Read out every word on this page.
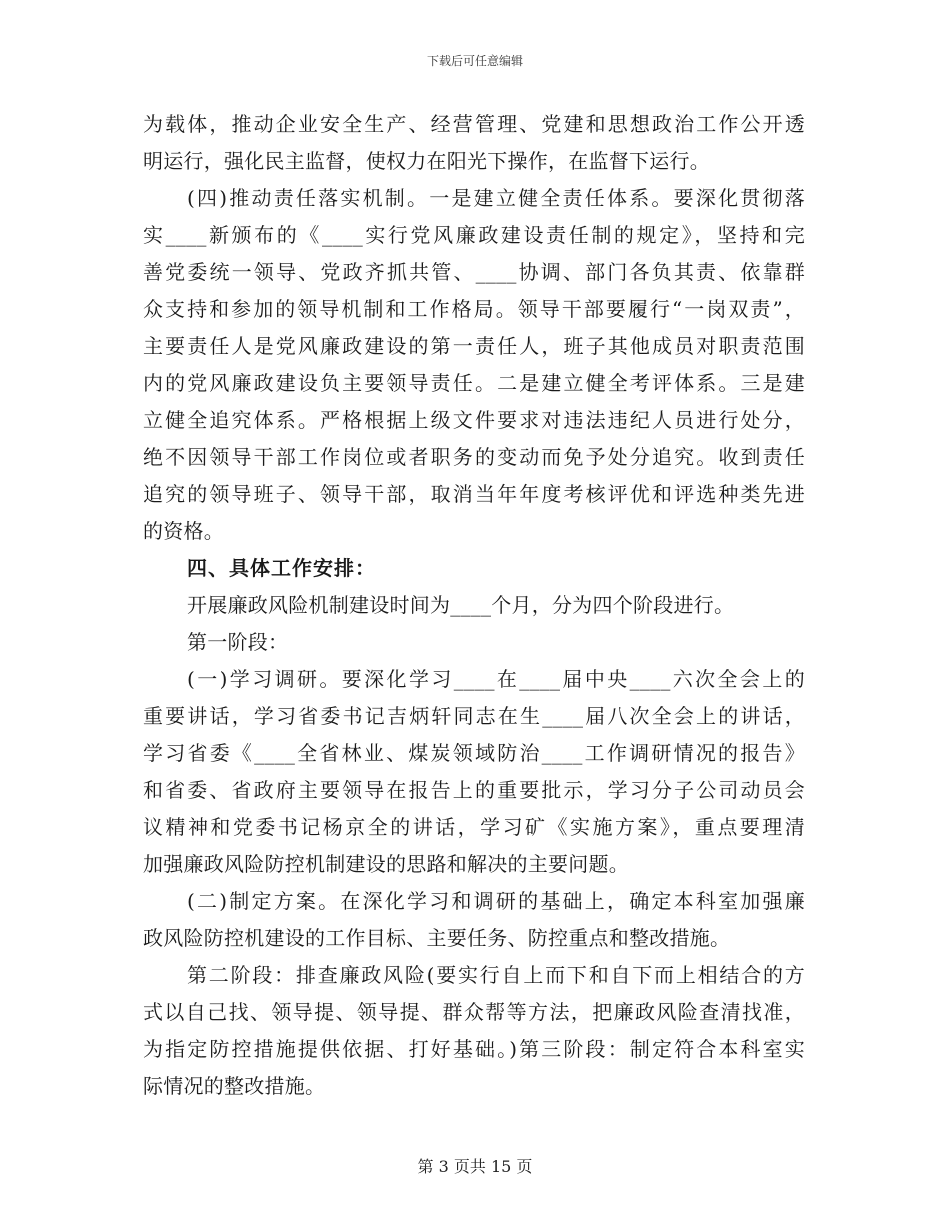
下载后可任意编辑
为载体，推动企业安全生产、经营管理、党建和思想政治工作公开透
明运行，强化民主监督，使权力在阳光下操作，在监督下运行。
(四)推动责任落实机制。一是建立健全责任体系。要深化贯彻落
实____新颁布的《____实行党风廉政建设责任制的规定》，坚持和完
善党委统一领导、党政齐抓共管、____协调、部门各负其责、依靠群
众支持和参加的领导机制和工作格局。领导干部要履行“一岗双责”，
主要责任人是党风廉政建设的第一责任人，班子其他成员对职责范围
内的党风廉政建设负主要领导责任。二是建立健全考评体系。三是建
立健全追究体系。严格根据上级文件要求对违法违纪人员进行处分，
绝不因领导干部工作岗位或者职务的变动而免予处分追究。收到责任
追究的领导班子、领导干部，取消当年年度考核评优和评选种类先进
的资格。
四、具体工作安排：
开展廉政风险机制建设时间为____个月，分为四个阶段进行。
第一阶段：
(一)学习调研。要深化学习____在____届中央____六次全会上的
重要讲话，学习省委书记吉炳轩同志在生____届八次全会上的讲话，
学习省委《____全省林业、煤炭领域防治____工作调研情况的报告》
和省委、省政府主要领导在报告上的重要批示，学习分子公司动员会
议精神和党委书记杨京全的讲话，学习矿《实施方案》，重点要理清
加强廉政风险防控机制建设的思路和解决的主要问题。
(二)制定方案。在深化学习和调研的基础上，确定本科室加强廉
政风险防控机建设的工作目标、主要任务、防控重点和整改措施。
第二阶段：排查廉政风险(要实行自上而下和自下而上相结合的方
式以自己找、领导提、领导提、群众帮等方法，把廉政风险查清找准，
为指定防控措施提供依据、打好基础。)第三阶段：制定符合本科室实
际情况的整改措施。
第 3 页共 15 页
